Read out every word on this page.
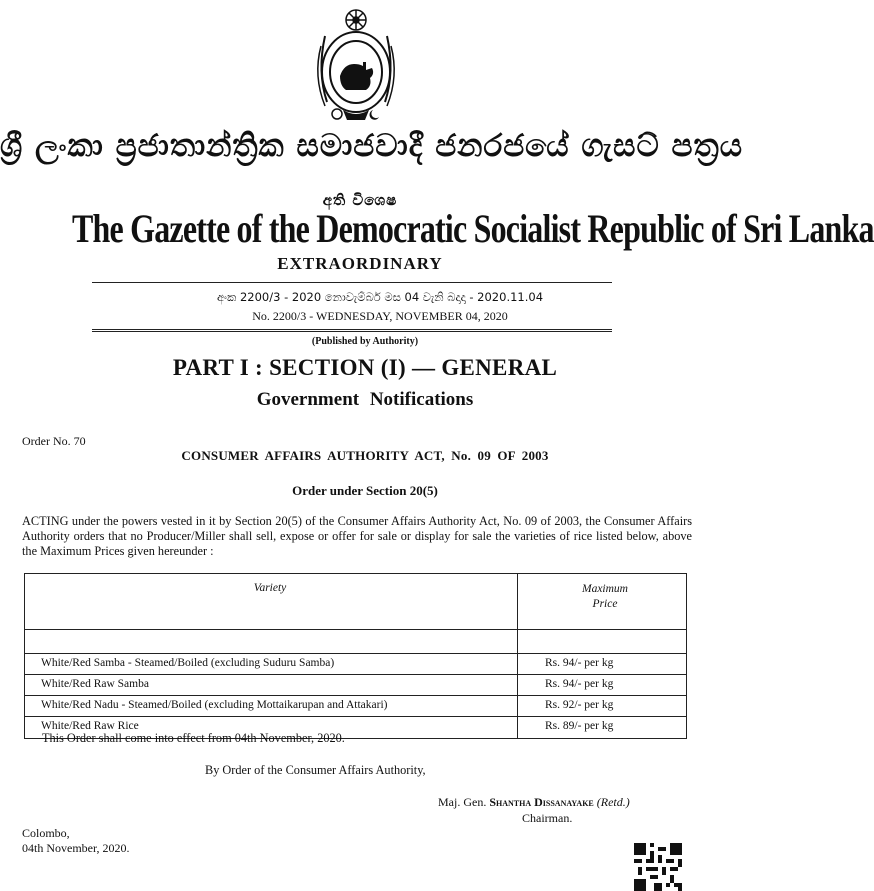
ශ්‍රී ලංකා ප්‍රජාතාන්ත්‍රික සමාජවාදී ජනරජයේ ගැසට් පත්‍රය
අති විශෙෂ
The Gazette of the Democratic Socialist Republic of Sri Lanka
EXTRAORDINARY
අංක 2200/3 - 2020 නොවැම්බර් මස 04 වැනි බදාදා - 2020.11.04
No. 2200/3 - WEDNESDAY, NOVEMBER 04, 2020
(Published by Authority)
PART I : SECTION (I) — GENERAL
Government Notifications
Order No. 70
CONSUMER AFFAIRS AUTHORITY ACT, No. 09 OF 2003
Order under Section 20(5)

ACTING under the powers vested in it by Section 20(5) of the Consumer Affairs Authority Act, No. 09 of 2003, the Consumer Affairs Authority orders that no Producer/Miller shall sell, expose or offer for sale or display for sale the varieties of rice listed below, above the Maximum Prices given hereunder :

Variety	Maximum
Price
White/Red Samba - Steamed/Boiled (excluding Suduru Samba)	Rs. 94/- per kg
White/Red Raw Samba	Rs. 94/- per kg
White/Red Nadu - Steamed/Boiled (excluding Mottaikarupan and Attakari)	Rs. 92/- per kg
White/Red Raw Rice	Rs. 89/- per kg
This Order shall come into effect from 04th November, 2020.
By Order of the Consumer Affairs Authority,
Maj. Gen. Shantha Dissanayake (Retd.)
Chairman.
Colombo,
04th November, 2020.
